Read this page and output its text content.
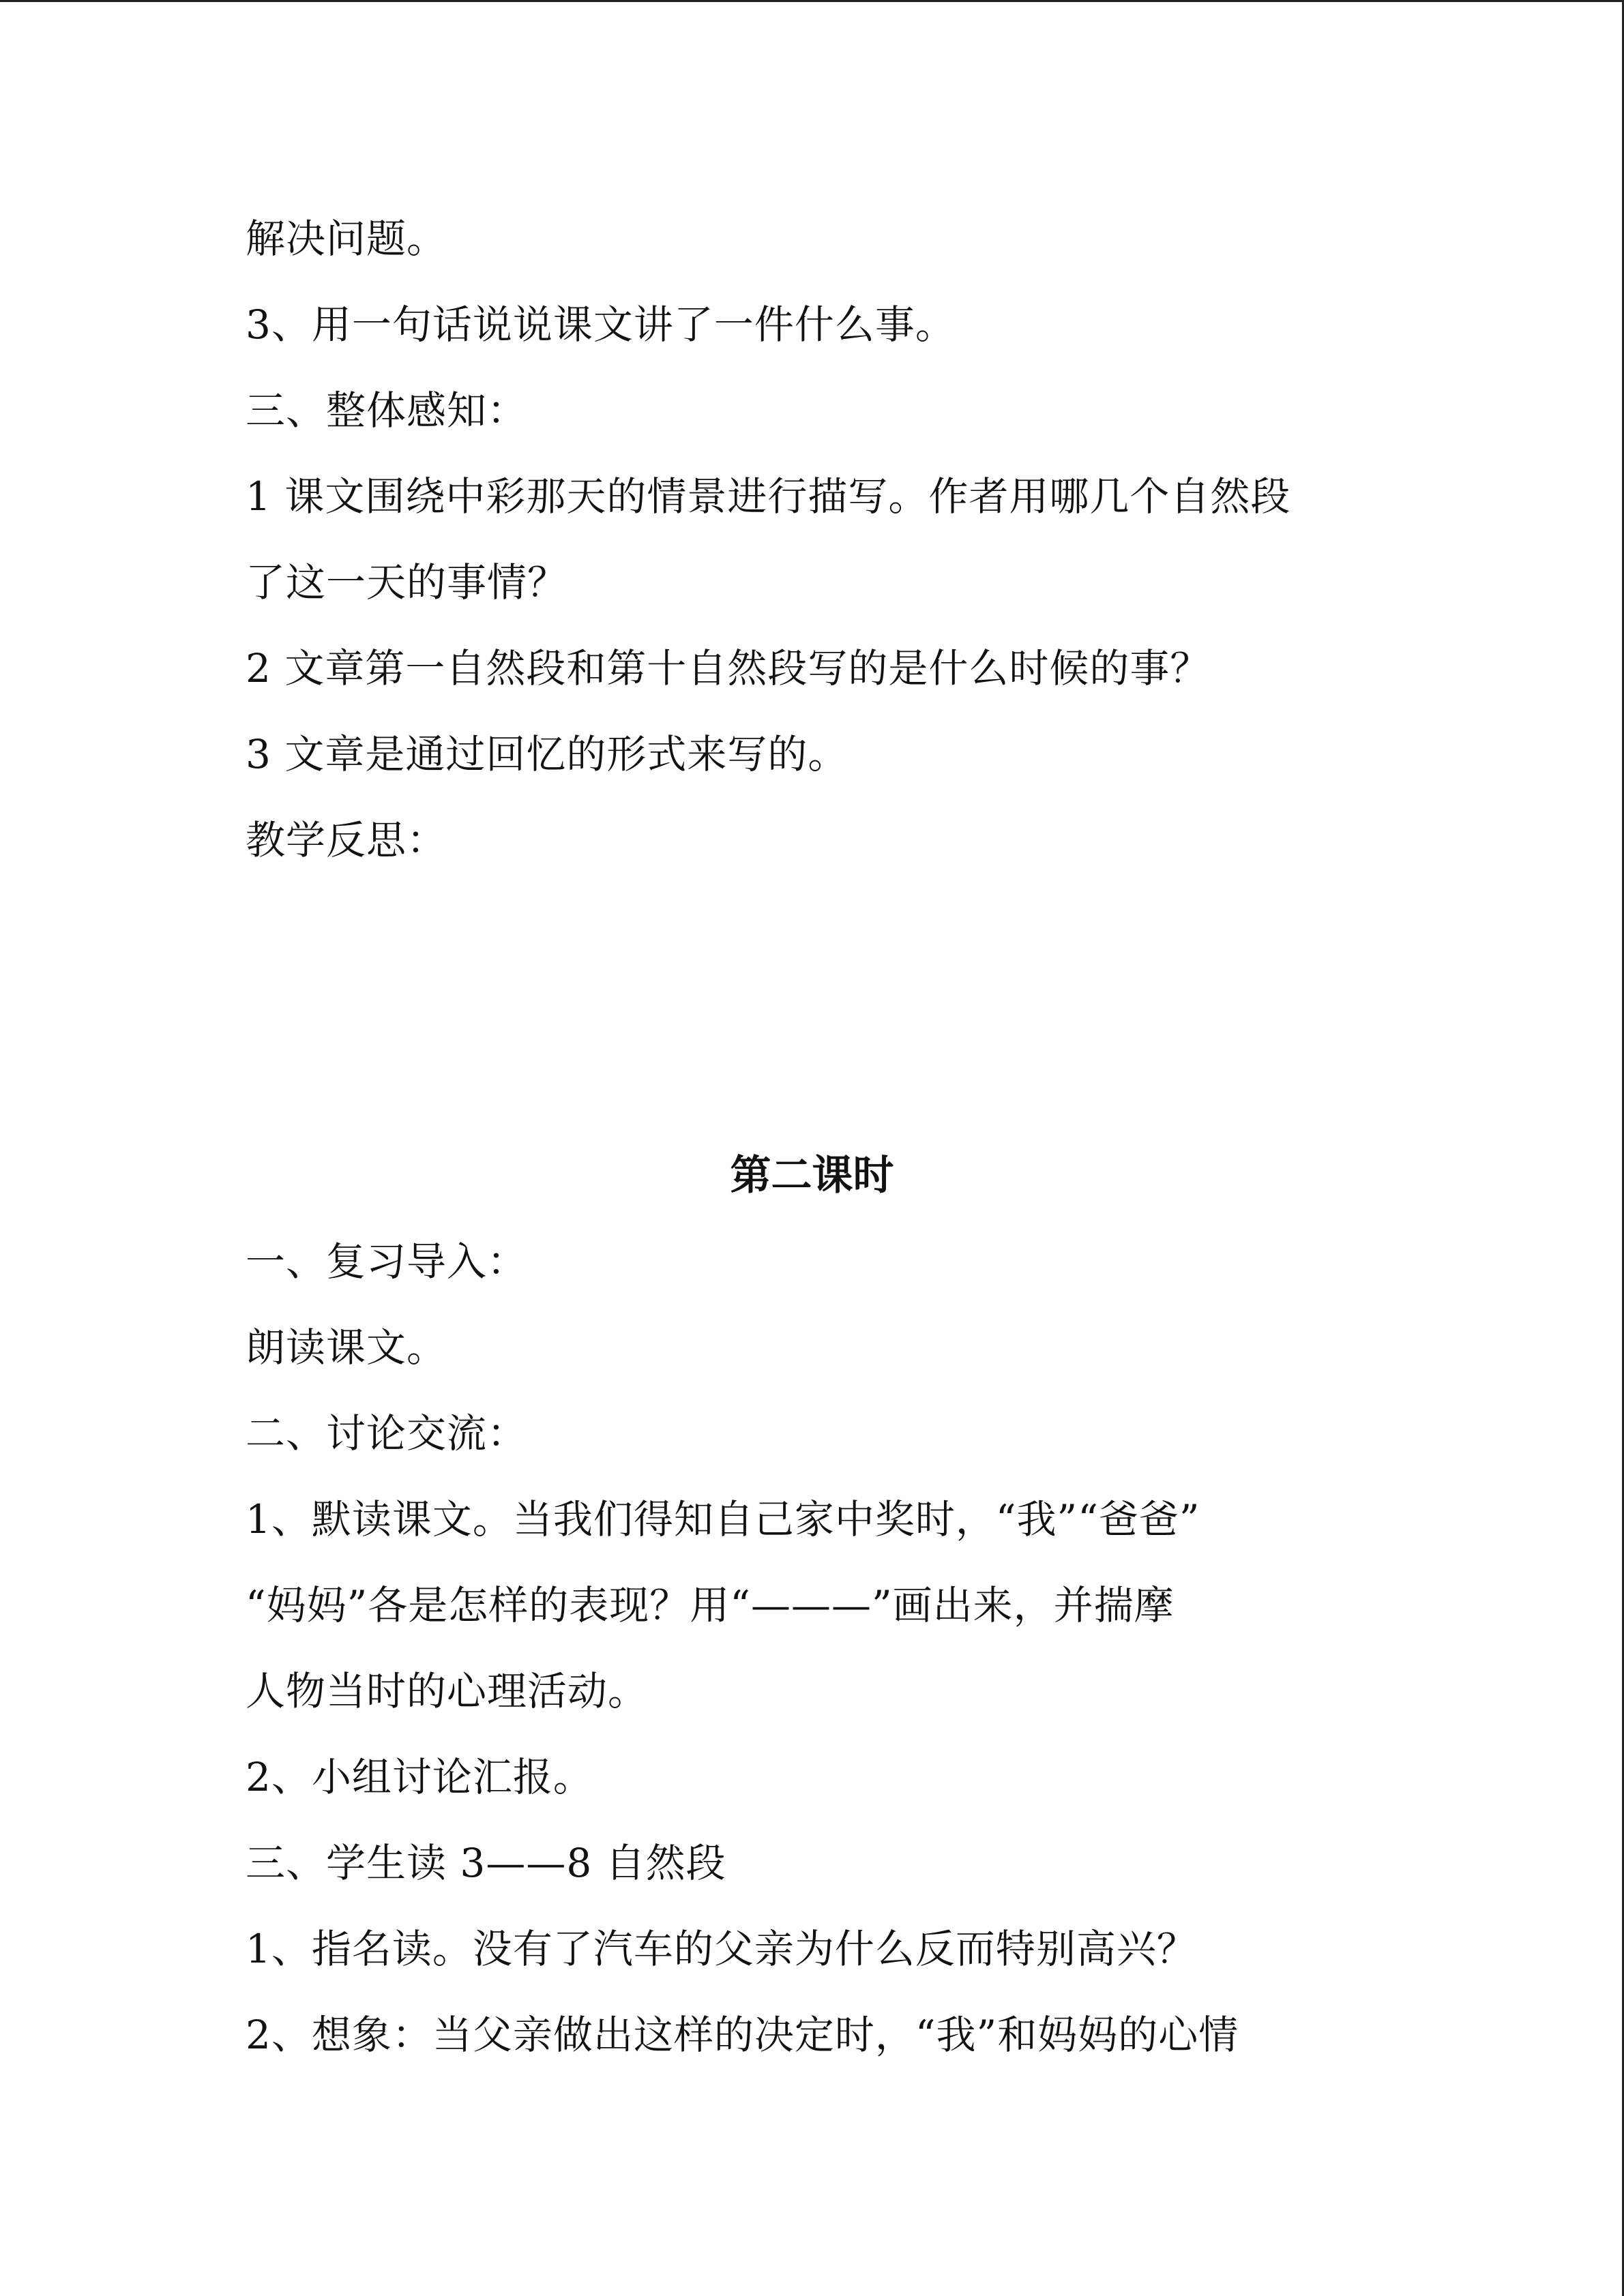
解决问题。
3、用一句话说说课文讲了一件什么事。
三、整体感知：
1 课文围绕中彩那天的情景进行描写。作者用哪几个自然段
了这一天的事情？
2 文章第一自然段和第十自然段写的是什么时候的事？
3 文章是通过回忆的形式来写的。
教学反思：
第二课时
一、复习导入：
朗读课文。
二、讨论交流：
1、默读课文。当我们得知自己家中奖时，“我”“爸爸”
“妈妈”各是怎样的表现？用“———”画出来，并揣摩
人物当时的心理活动。
2、小组讨论汇报。
三、学生读 3——8 自然段
1、指名读。没有了汽车的父亲为什么反而特别高兴？
2、想象：当父亲做出这样的决定时，“我”和妈妈的心情
